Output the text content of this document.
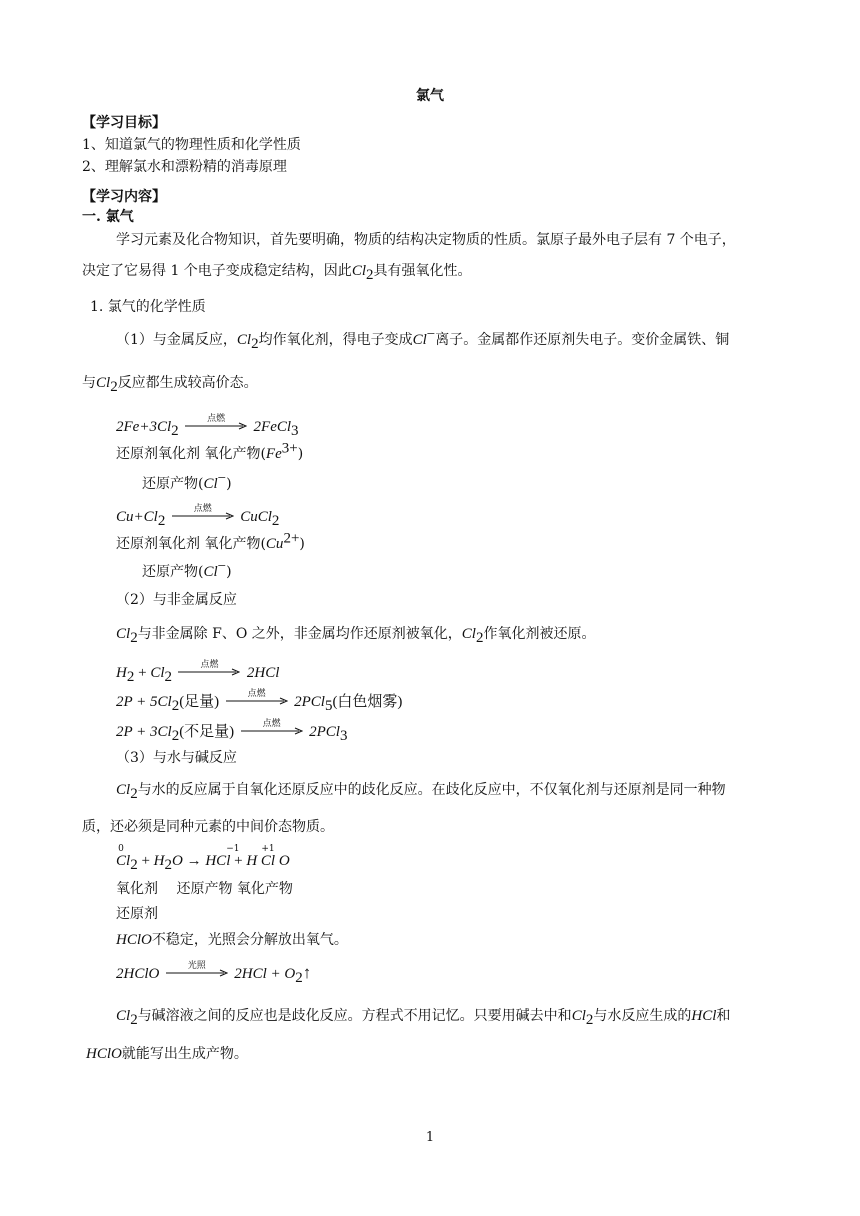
氯气
【学习目标】
1、知道氯气的物理性质和化学性质
2、理解氯水和漂粉精的消毒原理
【学习内容】
一. 氯气
学习元素及化合物知识，首先要明确，物质的结构决定物质的性质。氯原子最外电子层有 7 个电子，
决定了它易得 1 个电子变成稳定结构，因此$Cl_2$具有强氧化性。
1. 氯气的化学性质
（1）与金属反应，$Cl_2$均作氧化剂，得电子变成Cl−离子。金属都作还原剂失电子。变价金属铁、铜
与$Cl_2$反应都生成较高价态。
$2Fe+3Cl_2$
点燃	2FeCl$_3$
还原剂氧化剂 氧化产物$(Fe^{3+})$
还原产物(Cl−)
$Cu+Cl_2$
点燃	CuCl$_2$
还原剂氧化剂 氧化产物$(Cu^{2+})$
还原产物(Cl−)
（2）与非金属反应
$Cl_2$与非金属除 F、O 之外，非金属均作还原剂被氧化，$Cl_2$作氧化剂被还原。
$H_2 + Cl_2$
点燃	2HCl
$2P + 5Cl_2$(足量)	点燃	2PCl$_5$(白色烟雾)
$2P + 3Cl_2$(不足量)	点燃	2PCl$_3$
（3）与水与碱反应
$Cl_2$与水的反应属于自氧化还原反应中的歧化反应。在歧化反应中，不仅氧化剂与还原剂是同一种物
质，还必须是同种元素的中间价态物质。
0
$Cl_2 + H_2O$ → HC
−1
l + H
+1
Cl O
氧化剂　 还原产物 氧化产物
还原剂
HClO不稳定，光照会分解放出氧气。
2HClO	光照	$2HCl + O_2↑$
$Cl_2$与碱溶液之间的反应也是歧化反应。方程式不用记忆。只要用碱去中和$Cl_2$与水反应生成的HCl和
HClO就能写出生成产物。
1
